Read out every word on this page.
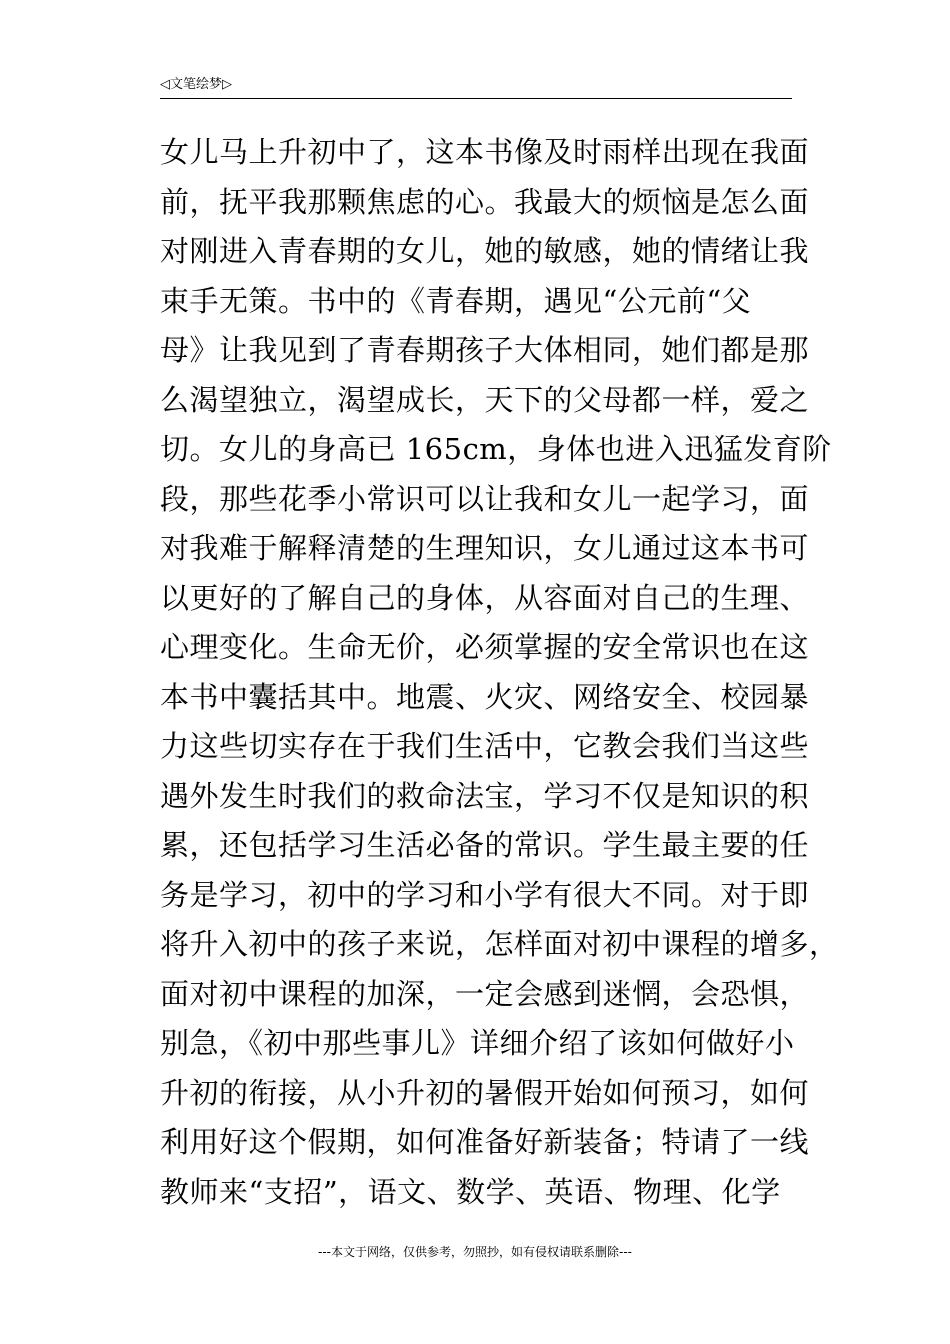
◁文笔绘梦▷
女儿马上升初中了，这本书像及时雨样出现在我面
前，抚平我那颗焦虑的心。我最大的烦恼是怎么面
对刚进入青春期的女儿，她的敏感，她的情绪让我
束手无策。书中的《青春期，遇见“公元前“父
母》让我见到了青春期孩子大体相同，她们都是那
么渴望独立，渴望成长，天下的父母都一样，爱之
切。女儿的身高已 165cm，身体也进入迅猛发育阶
段，那些花季小常识可以让我和女儿一起学习，面
对我难于解释清楚的生理知识，女儿通过这本书可
以更好的了解自己的身体，从容面对自己的生理、
心理变化。生命无价，必须掌握的安全常识也在这
本书中囊括其中。地震、火灾、网络安全、校园暴
力这些切实存在于我们生活中，它教会我们当这些
遇外发生时我们的救命法宝，学习不仅是知识的积
累，还包括学习生活必备的常识。学生最主要的任
务是学习，初中的学习和小学有很大不同。对于即
将升入初中的孩子来说，怎样面对初中课程的增多，
面对初中课程的加深，一定会感到迷惘，会恐惧，
别急，《初中那些事儿》详细介绍了该如何做好小
升初的衔接，从小升初的暑假开始如何预习，如何
利用好这个假期，如何准备好新装备；特请了一线
教师来“支招”，语文、数学、英语、物理、化学
---本文于网络，仅供参考，勿照抄，如有侵权请联系删除---
